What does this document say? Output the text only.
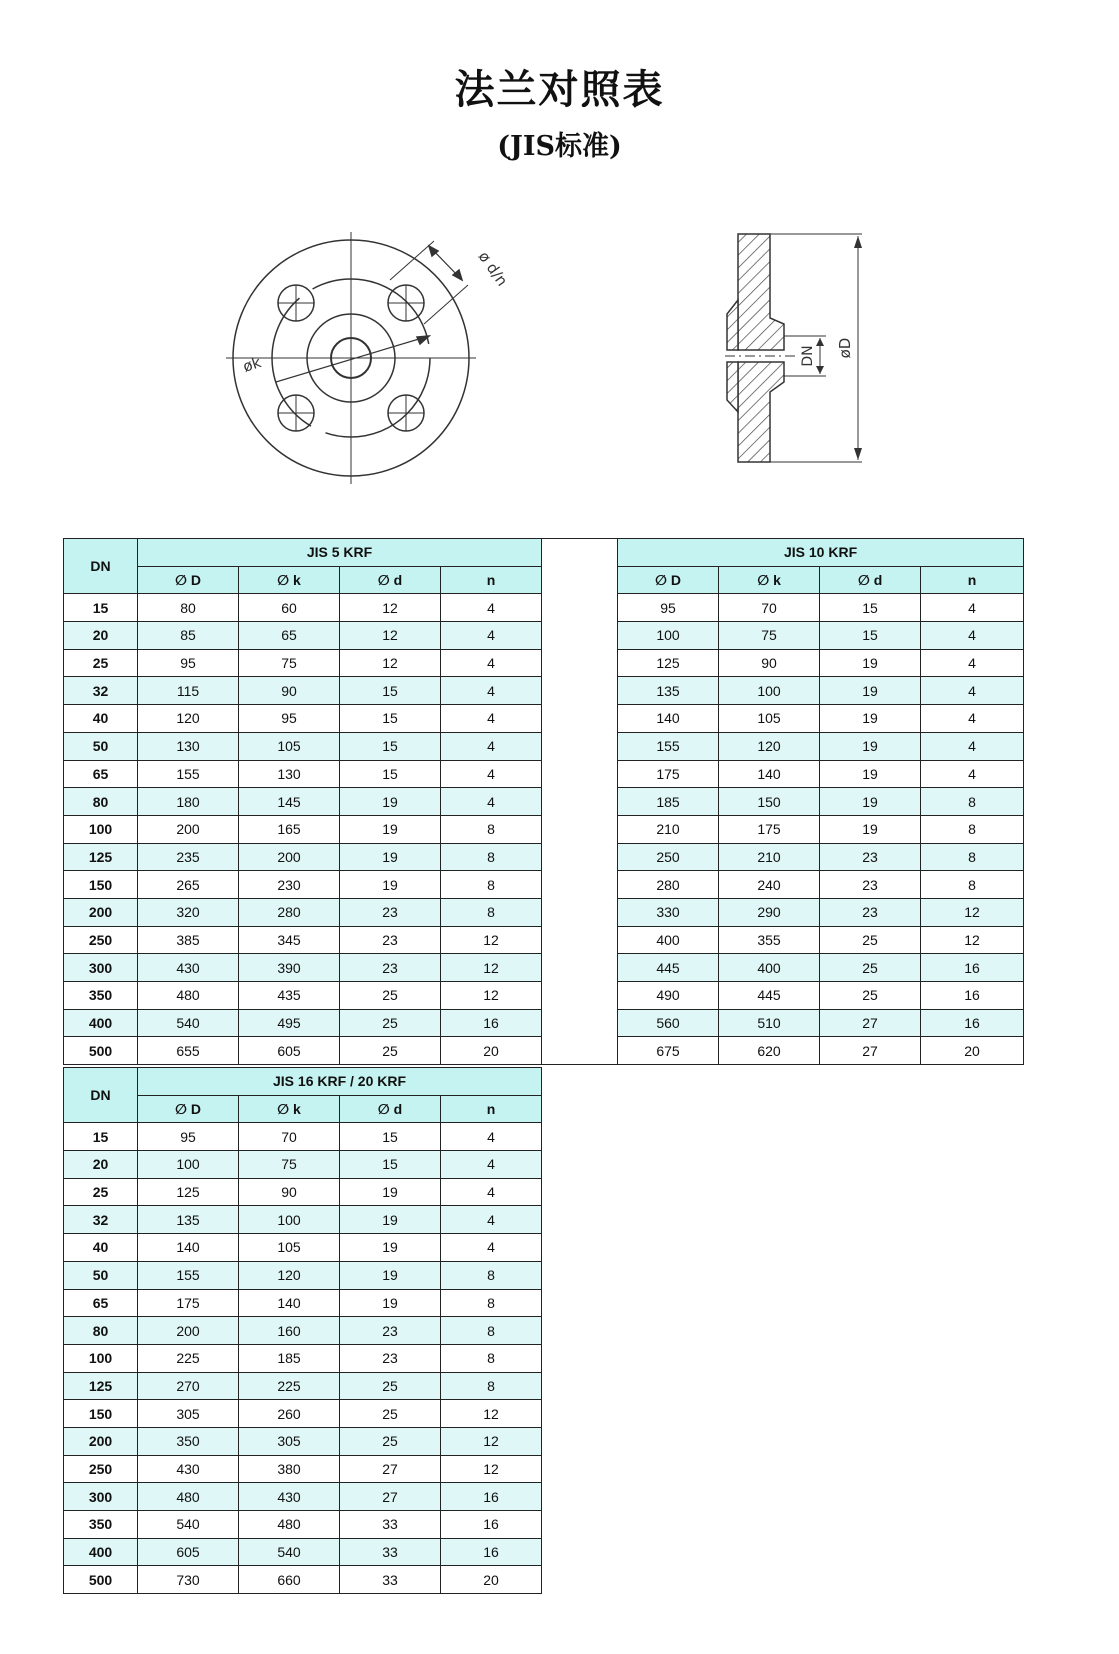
法兰对照表
(JIS标准)
øk
ø d/n
DN øD
DN	JIS 5 KRF					JIS 10 KRF			
	∅ D	∅ k	∅ d	n		∅ D	∅ k	∅ d	n
15	80	60	12	4		95	70	15	4
20	85	65	12	4		100	75	15	4
25	95	75	12	4		125	90	19	4
32	115	90	15	4		135	100	19	4
40	120	95	15	4		140	105	19	4
50	130	105	15	4		155	120	19	4
65	155	130	15	4		175	140	19	4
80	180	145	19	4		185	150	19	8
100	200	165	19	8		210	175	19	8
125	235	200	19	8		250	210	23	8
150	265	230	19	8		280	240	23	8
200	320	280	23	8		330	290	23	12
250	385	345	23	12		400	355	25	12
300	430	390	23	12		445	400	25	16
350	480	435	25	12		490	445	25	16
400	540	495	25	16		560	510	27	16
500	655	605	25	20		675	620	27	20
DN	JIS 16 KRF / 20 KRF			
	∅ D	∅ k	∅ d	n
15	95	70	15	4
20	100	75	15	4
25	125	90	19	4
32	135	100	19	4
40	140	105	19	4
50	155	120	19	8
65	175	140	19	8
80	200	160	23	8
100	225	185	23	8
125	270	225	25	8
150	305	260	25	12
200	350	305	25	12
250	430	380	27	12
300	480	430	27	16
350	540	480	33	16
400	605	540	33	16
500	730	660	33	20
